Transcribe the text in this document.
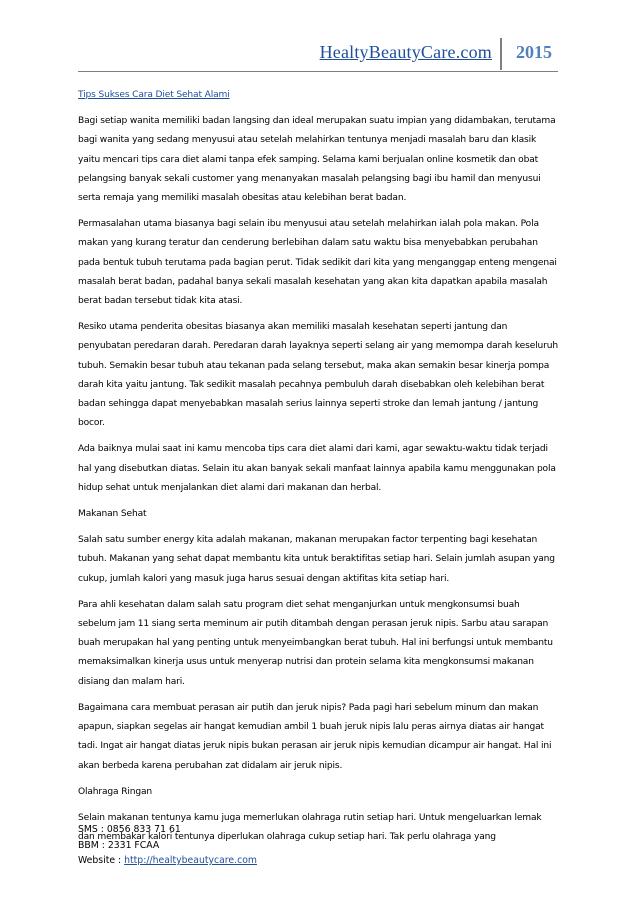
HealtyBeautyCare.com 2015

Tips Sukses Cara Diet Sehat Alami

Bagi setiap wanita memiliki badan langsing dan ideal merupakan suatu impian yang didambakan, terutama bagi wanita yang sedang menyusui atau setelah melahirkan tentunya menjadi masalah baru dan klasik yaitu mencari tips cara diet alami tanpa efek samping. Selama kami berjualan online kosmetik dan obat pelangsing banyak sekali customer yang menanyakan masalah pelangsing bagi ibu hamil dan menyusui serta remaja yang memiliki masalah obesitas atau kelebihan berat badan.

Permasalahan utama biasanya bagi selain ibu menyusui atau setelah melahirkan ialah pola makan. Pola makan yang kurang teratur dan cenderung berlebihan dalam satu waktu bisa menyebabkan perubahan pada bentuk tubuh terutama pada bagian perut. Tidak sedikit dari kita yang menganggap enteng mengenai masalah berat badan, padahal banya sekali masalah kesehatan yang akan kita dapatkan apabila masalah berat badan tersebut tidak kita atasi.

Resiko utama penderita obesitas biasanya akan memiliki masalah kesehatan seperti jantung dan penyubatan peredaran darah. Peredaran darah layaknya seperti selang air yang memompa darah keseluruh tubuh. Semakin besar tubuh atau tekanan pada selang tersebut, maka akan semakin besar kinerja pompa darah kita yaitu jantung. Tak sedikit masalah pecahnya pembuluh darah disebabkan oleh kelebihan berat badan sehingga dapat menyebabkan masalah serius lainnya seperti stroke dan lemah jantung / jantung bocor.

Ada baiknya mulai saat ini kamu mencoba tips cara diet alami dari kami, agar sewaktu-waktu tidak terjadi hal yang disebutkan diatas. Selain itu akan banyak sekali manfaat lainnya apabila kamu menggunakan pola hidup sehat untuk menjalankan diet alami dari makanan dan herbal.

Makanan Sehat

Salah satu sumber energy kita adalah makanan, makanan merupakan factor terpenting bagi kesehatan tubuh. Makanan yang sehat dapat membantu kita untuk beraktifitas setiap hari. Selain jumlah asupan yang cukup, jumlah kalori yang masuk juga harus sesuai dengan aktifitas kita setiap hari.

Para ahli kesehatan dalam salah satu program diet sehat menganjurkan untuk mengkonsumsi buah sebelum jam 11 siang serta meminum air putih ditambah dengan perasan jeruk nipis. Sarbu atau sarapan buah merupakan hal yang penting untuk menyeimbangkan berat tubuh. Hal ini berfungsi untuk membantu memaksimalkan kinerja usus untuk menyerap nutrisi dan protein selama kita mengkonsumsi makanan disiang dan malam hari.

Bagaimana cara membuat perasan air putih dan jeruk nipis? Pada pagi hari sebelum minum dan makan apapun, siapkan segelas air hangat kemudian ambil 1 buah jeruk nipis lalu peras airnya diatas air hangat tadi. Ingat air hangat diatas jeruk nipis bukan perasan air jeruk nipis kemudian dicampur air hangat. Hal ini akan berbeda karena perubahan zat didalam air jeruk nipis.

Olahraga Ringan

Selain makanan tentunya kamu juga memerlukan olahraga rutin setiap hari. Untuk mengeluarkan lemak dan membakar kalori tentunya diperlukan olahraga cukup setiap hari. Tak perlu olahraga yang

SMS : 0856 833 71 61
BBM : 2331 FCAA
Website : http://healtybeautycare.com
